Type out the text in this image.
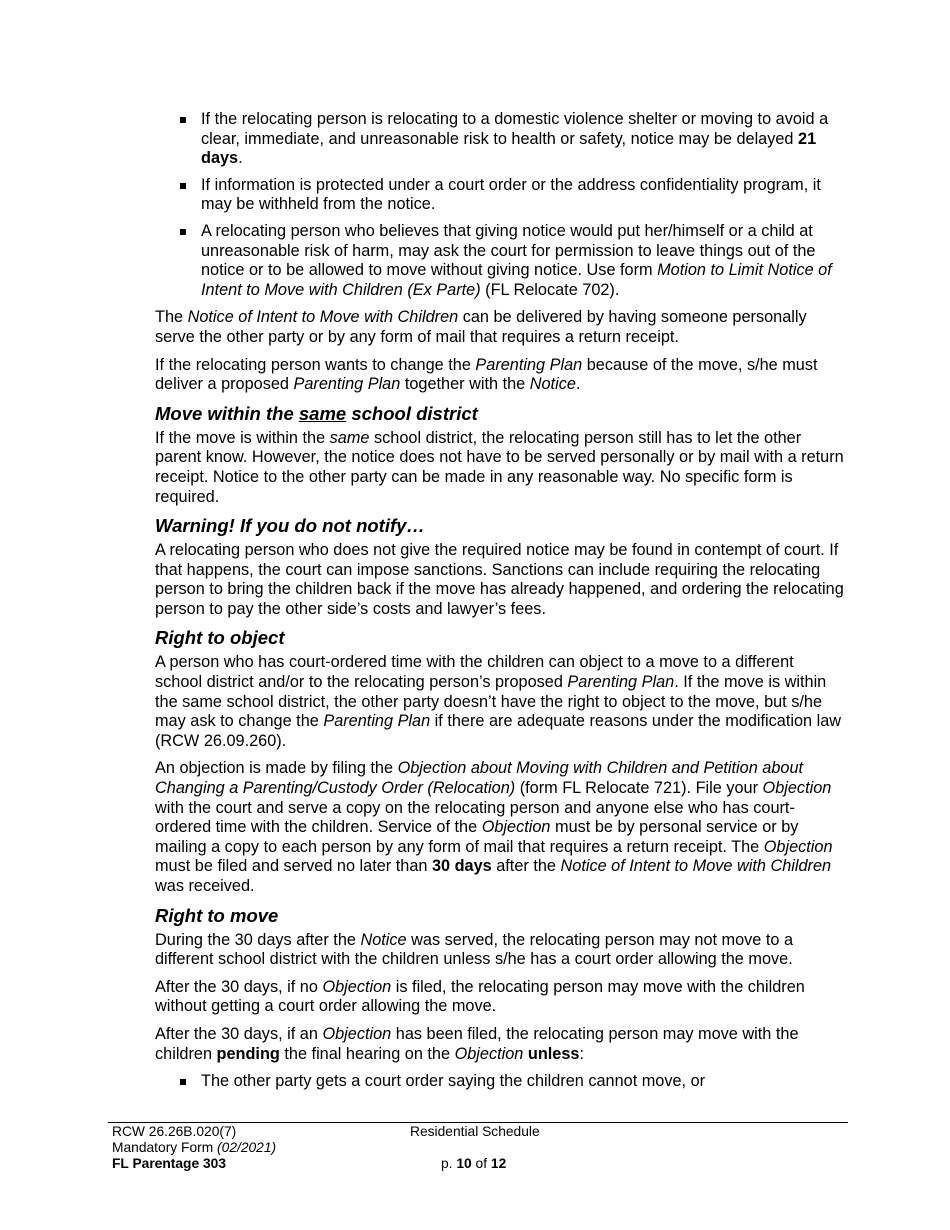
If the relocating person is relocating to a domestic violence shelter or moving to avoid a clear, immediate, and unreasonable risk to health or safety, notice may be delayed 21 days.
If information is protected under a court order or the address confidentiality program, it may be withheld from the notice.
A relocating person who believes that giving notice would put her/himself or a child at unreasonable risk of harm, may ask the court for permission to leave things out of the notice or to be allowed to move without giving notice. Use form Motion to Limit Notice of Intent to Move with Children (Ex Parte) (FL Relocate 702).

The Notice of Intent to Move with Children can be delivered by having someone personally serve the other party or by any form of mail that requires a return receipt.

If the relocating person wants to change the Parenting Plan because of the move, s/he must deliver a proposed Parenting Plan together with the Notice.

Move within the same school district

If the move is within the same school district, the relocating person still has to let the other parent know. However, the notice does not have to be served personally or by mail with a return receipt. Notice to the other party can be made in any reasonable way. No specific form is required.

Warning! If you do not notify…

A relocating person who does not give the required notice may be found in contempt of court. If that happens, the court can impose sanctions. Sanctions can include requiring the relocating person to bring the children back if the move has already happened, and ordering the relocating person to pay the other side’s costs and lawyer’s fees.

Right to object

A person who has court-ordered time with the children can object to a move to a different school district and/or to the relocating person’s proposed Parenting Plan. If the move is within the same school district, the other party doesn’t have the right to object to the move, but s/he may ask to change the Parenting Plan if there are adequate reasons under the modification law (RCW 26.09.260).

An objection is made by filing the Objection about Moving with Children and Petition about Changing a Parenting/Custody Order (Relocation) (form FL Relocate 721). File your Objection with the court and serve a copy on the relocating person and anyone else who has court-ordered time with the children. Service of the Objection must be by personal service or by mailing a copy to each person by any form of mail that requires a return receipt. The Objection must be filed and served no later than 30 days after the Notice of Intent to Move with Children was received.

Right to move

During the 30 days after the Notice was served, the relocating person may not move to a different school district with the children unless s/he has a court order allowing the move.

After the 30 days, if no Objection is filed, the relocating person may move with the children without getting a court order allowing the move.

After the 30 days, if an Objection has been filed, the relocating person may move with the children pending the final hearing on the Objection unless:

The other party gets a court order saying the children cannot move, or
RCW 26.26B.020(7)
Mandatory Form (02/2021)
FL Parentage 303
Residential Schedule
p. 10 of 12
